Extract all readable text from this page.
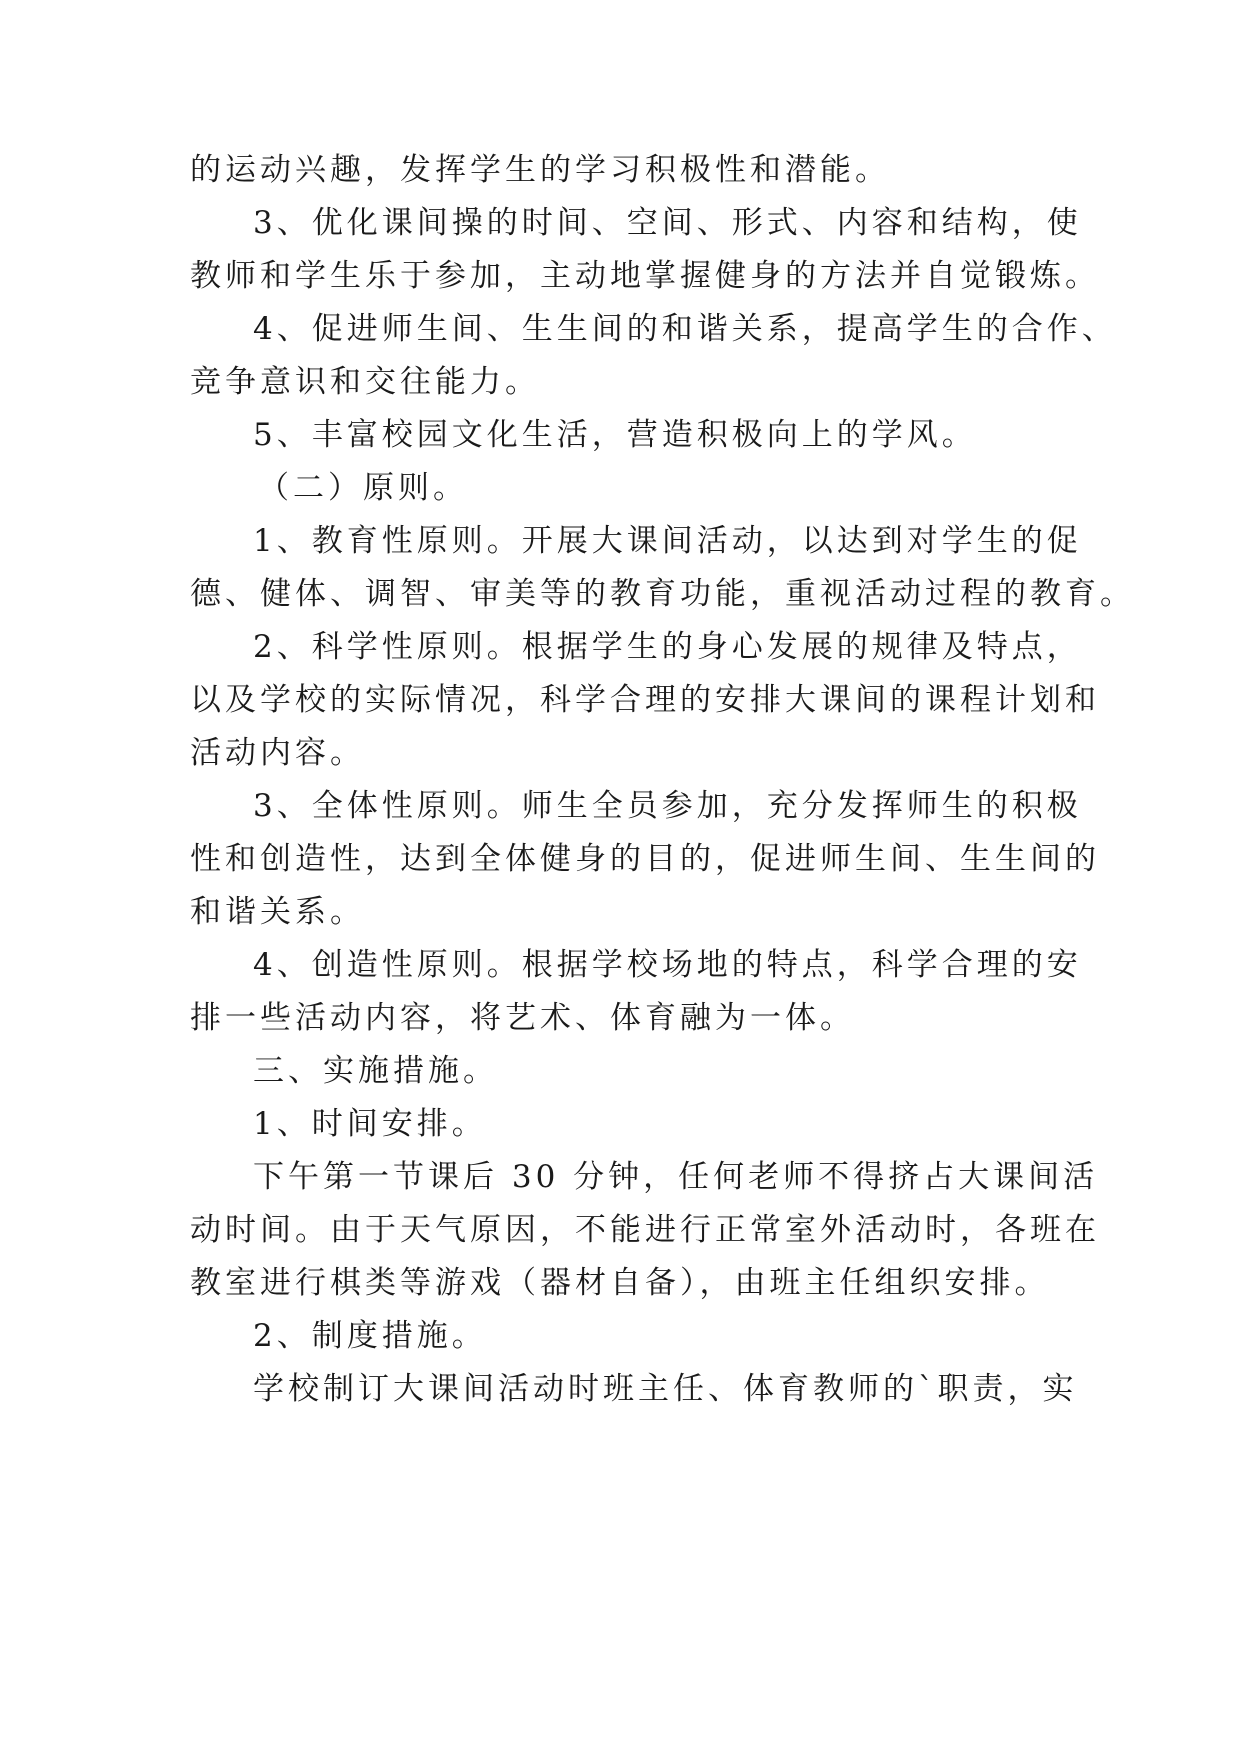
的运动兴趣，发挥学生的学习积极性和潜能。
3、优化课间操的时间、空间、形式、内容和结构，使
教师和学生乐于参加，主动地掌握健身的方法并自觉锻炼。
4、促进师生间、生生间的和谐关系，提高学生的合作、
竞争意识和交往能力。
5、丰富校园文化生活，营造积极向上的学风。
（二）原则。
1、教育性原则。开展大课间活动，以达到对学生的促
德、健体、调智、审美等的教育功能，重视活动过程的教育。
2、科学性原则。根据学生的身心发展的规律及特点，
以及学校的实际情况，科学合理的安排大课间的课程计划和
活动内容。
3、全体性原则。师生全员参加，充分发挥师生的积极
性和创造性，达到全体健身的目的，促进师生间、生生间的
和谐关系。
4、创造性原则。根据学校场地的特点，科学合理的安
排一些活动内容，将艺术、体育融为一体。
三、实施措施。
1、时间安排。
下午第一节课后 30 分钟，任何老师不得挤占大课间活
动时间。由于天气原因，不能进行正常室外活动时，各班在
教室进行棋类等游戏（器材自备），由班主任组织安排。
2、制度措施。
学校制订大课间活动时班主任、体育教师的`职责，实
